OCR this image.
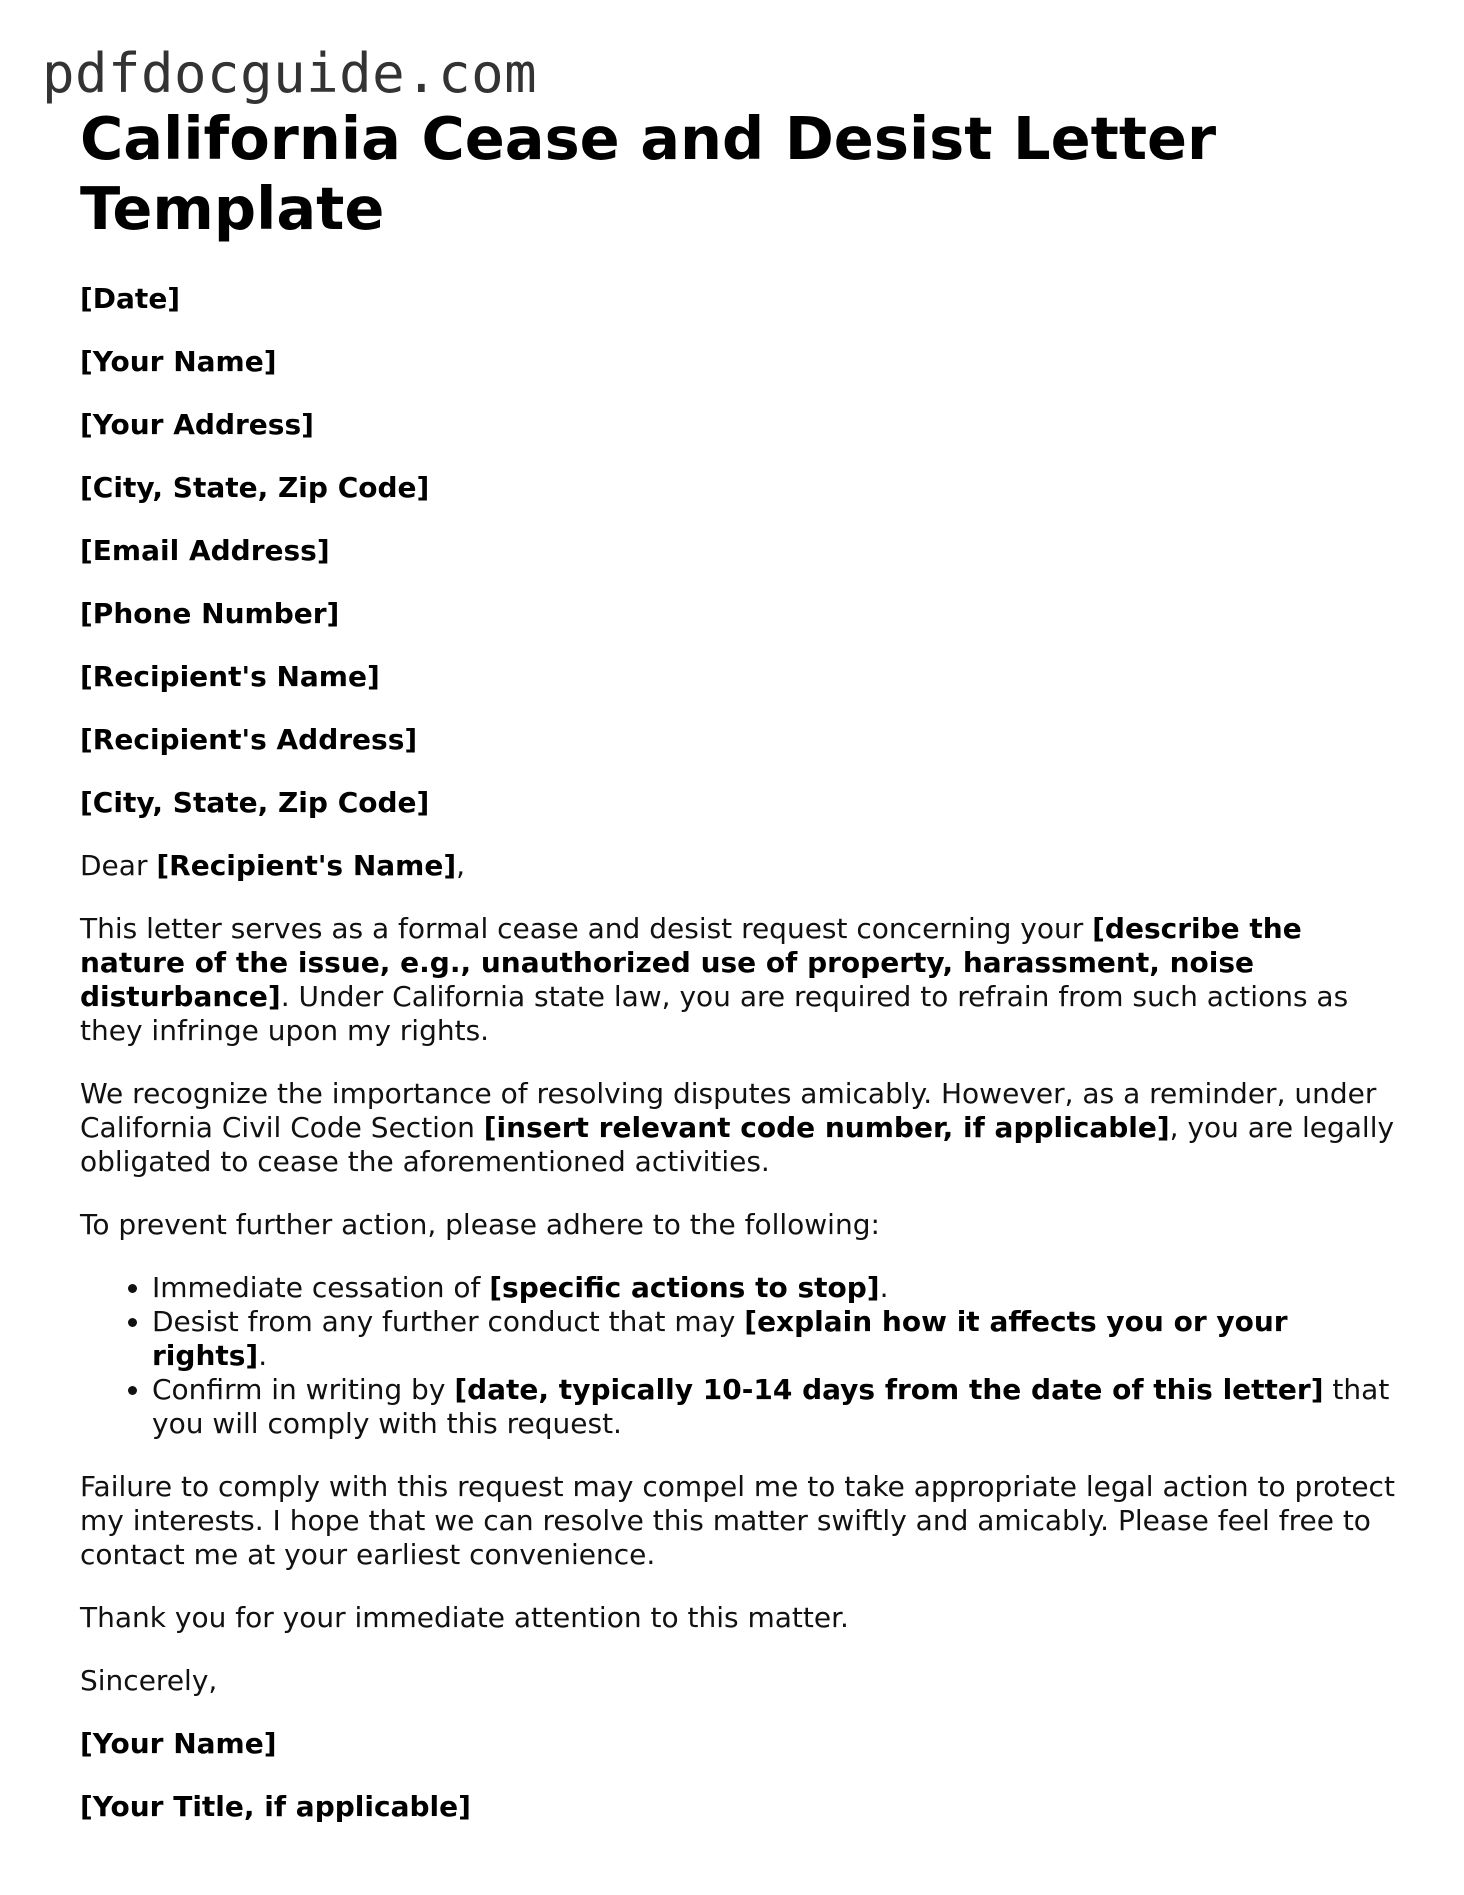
pdfdocguide.com
California Cease and Desist Letter Template
[Date]
[Your Name]
[Your Address]
[City, State, Zip Code]
[Email Address]
[Phone Number]
[Recipient's Name]
[Recipient's Address]
[City, State, Zip Code]

Dear [Recipient's Name],

This letter serves as a formal cease and desist request concerning your [describe the nature of the issue, e.g., unauthorized use of property, harassment, noise disturbance]. Under California state law, you are required to refrain from such actions as they infringe upon my rights.

We recognize the importance of resolving disputes amicably. However, as a reminder, under California Civil Code Section [insert relevant code number, if applicable], you are legally obligated to cease the aforementioned activities.

To prevent further action, please adhere to the following:

• Immediate cessation of [specific actions to stop].
• Desist from any further conduct that may [explain how it affects you or your rights].
• Confirm in writing by [date, typically 10-14 days from the date of this letter] that you will comply with this request.

Failure to comply with this request may compel me to take appropriate legal action to protect my interests. I hope that we can resolve this matter swiftly and amicably. Please feel free to contact me at your earliest convenience.

Thank you for your immediate attention to this matter.

Sincerely,

[Your Name]
[Your Title, if applicable]
